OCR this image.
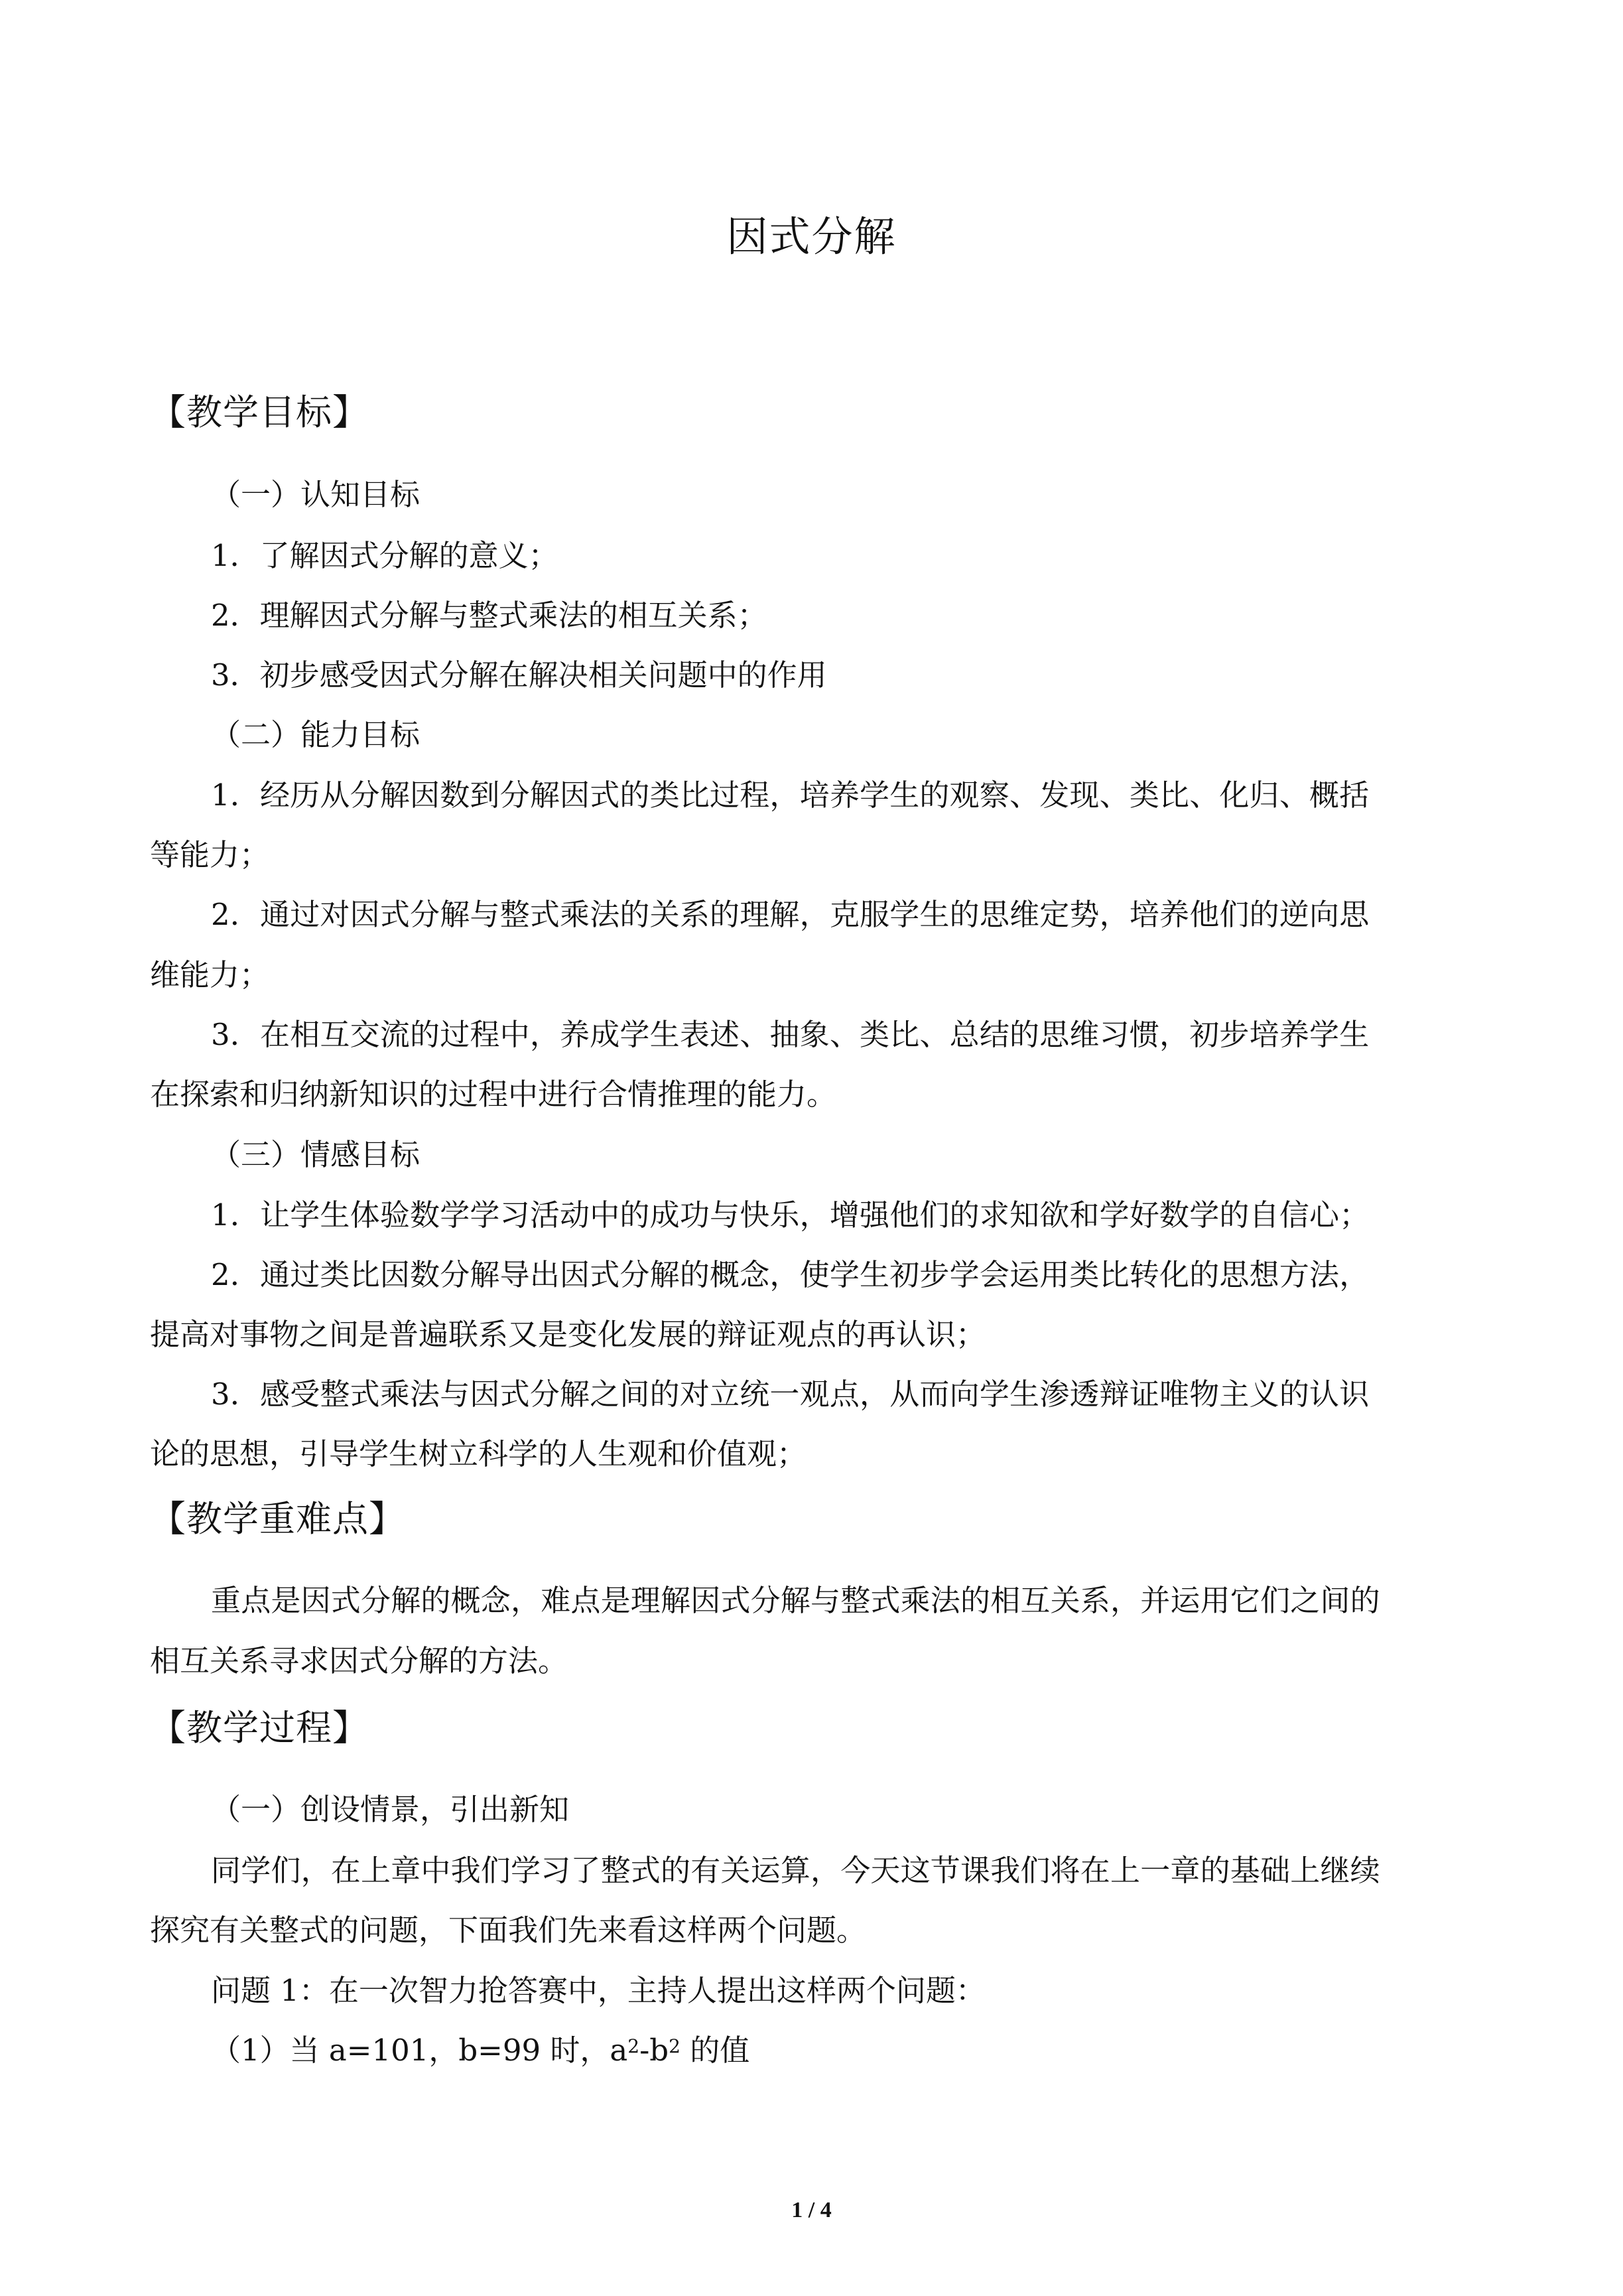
因式分解
【教学目标】
（一）认知目标
1．了解因式分解的意义；
2．理解因式分解与整式乘法的相互关系；
3．初步感受因式分解在解决相关问题中的作用
（二）能力目标
1．经历从分解因数到分解因式的类比过程，培养学生的观察、发现、类比、化归、概括
等能力；
2．通过对因式分解与整式乘法的关系的理解，克服学生的思维定势，培养他们的逆向思
维能力；
3．在相互交流的过程中，养成学生表述、抽象、类比、总结的思维习惯，初步培养学生
在探索和归纳新知识的过程中进行合情推理的能力。
（三）情感目标
1．让学生体验数学学习活动中的成功与快乐，增强他们的求知欲和学好数学的自信心；
2．通过类比因数分解导出因式分解的概念，使学生初步学会运用类比转化的思想方法，
提高对事物之间是普遍联系又是变化发展的辩证观点的再认识；
3．感受整式乘法与因式分解之间的对立统一观点，从而向学生渗透辩证唯物主义的认识
论的思想，引导学生树立科学的人生观和价值观；
【教学重难点】
重点是因式分解的概念，难点是理解因式分解与整式乘法的相互关系，并运用它们之间的
相互关系寻求因式分解的方法。
【教学过程】
（一）创设情景，引出新知
同学们，在上章中我们学习了整式的有关运算，今天这节课我们将在上一章的基础上继续
探究有关整式的问题，下面我们先来看这样两个问题。
问题 1：在一次智力抢答赛中，主持人提出这样两个问题：
（1）当 a=101，b=99 时，$a^2-b^2$ 的值
1 / 4
